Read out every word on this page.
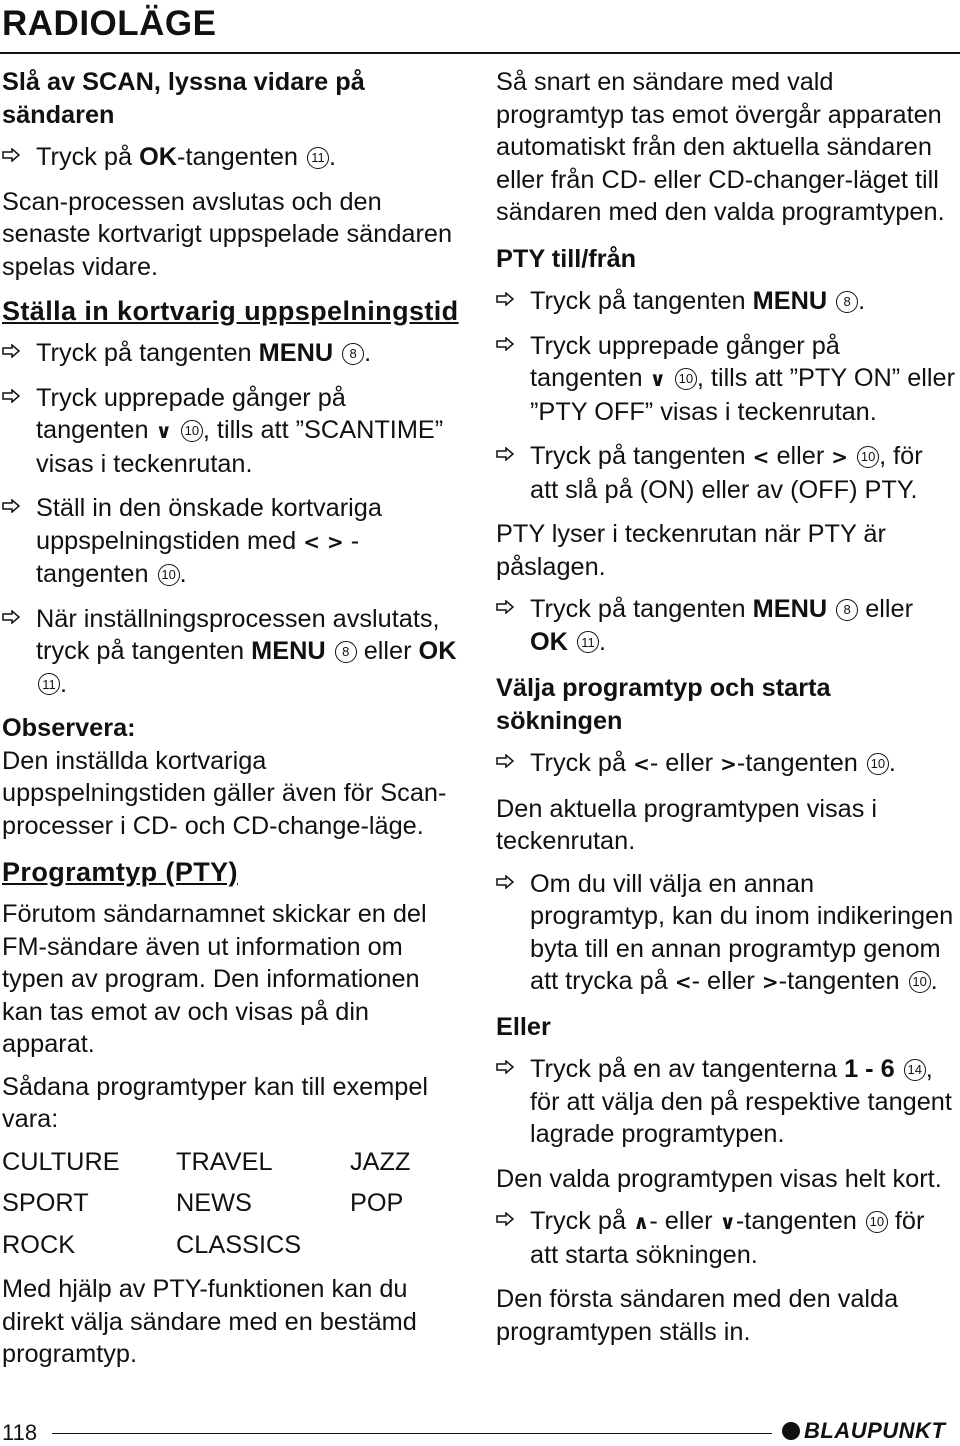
RADIOLÄGE
Slå av SCAN, lyssna vidare på sändaren
Tryck på OK-tangenten 11 .

Scan-processen avslutas och den senaste kortvarigt uppspelade sändaren spelas vidare.

Ställa in kortvarig uppspelningstid
Tryck på tangenten MENU 8 .
Tryck upprepade gånger på tangenten ∨ 10 , tills att ”SCANTIME” visas i teckenrutan.
Ställ in den önskade kortvariga uppspelningstiden med < > -tangenten 10 .
När inställningsprocessen avslutats, tryck på tangenten MENU 8 eller OK 11 .
Observera:

Den inställda kortvariga uppspelningstiden gäller även för Scan-processer i CD- och CD-change-läge.

Programtyp (PTY)

Förutom sändarnamnet skickar en del FM-sändare även ut information om typen av program. Den informationen kan tas emot av och visas på din apparat.

Sådana programtyper kan till exempel vara:

CULTURE	TRAVEL	JAZZ
SPORT	NEWS	POP
ROCK	CLASSICS

Med hjälp av PTY-funktionen kan du direkt välja sändare med en bestämd programtyp.

Så snart en sändare med vald programtyp tas emot övergår apparaten automatiskt från den aktuella sändaren eller från CD- eller CD-changer-läget till sändaren med den valda programtypen.

PTY till/från
Tryck på tangenten MENU 8 .
Tryck upprepade gånger på tangenten ∨ 10 , tills att ”PTY ON” eller ”PTY OFF” visas i teckenrutan.
Tryck på tangenten < eller > 10 , för att slå på (ON) eller av (OFF) PTY.

PTY lyser i teckenrutan när PTY är påslagen.

Tryck på tangenten MENU 8 eller OK 11 .
Välja programtyp och starta sökningen
Tryck på <- eller >-tangenten 10 .

Den aktuella programtypen visas i teckenrutan.

Om du vill välja en annan programtyp, kan du inom indikeringen byta till en annan programtyp genom att trycka på <- eller >-tangenten 10 .
Eller
Tryck på en av tangenterna 1 - 6 14 , för att välja den på respektive tangent lagrade programtypen.

Den valda programtypen visas helt kort.

Tryck på ∧- eller ∨-tangenten 10 för att starta sökningen.

Den första sändaren med den valda programtypen ställs in.

118	BLAUPUNKT
